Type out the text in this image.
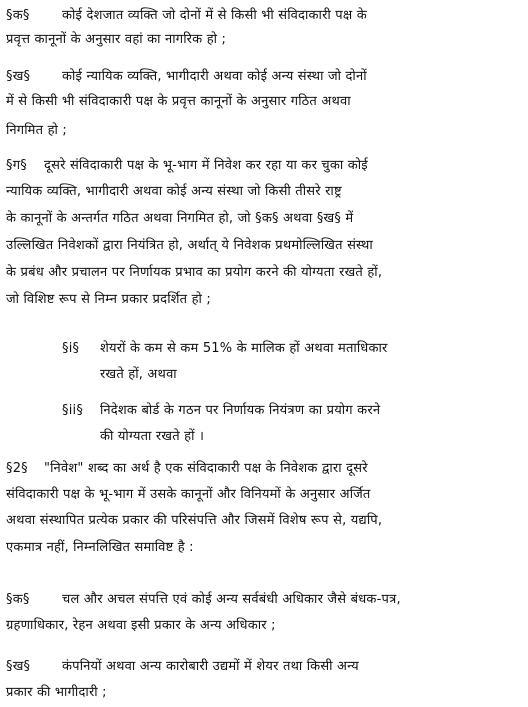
§क§ कोई देशजात व्यक्ति जो दोनों में से किसी भी संविदाकारी पक्ष के
प्रवृत्त कानूनों के अनुसार वहां का नागरिक हो ;
§ख§ कोई न्यायिक व्यक्ति, भागीदारी अथवा कोई अन्य संस्था जो दोनों
में से किसी भी संविदाकारी पक्ष के प्रवृत्त कानूनों के अनुसार गठित अथवा
निगमित हो ;
§ग§ दूसरे संविदाकारी पक्ष के भू-भाग में निवेश कर रहा या कर चुका कोई
न्यायिक व्यक्ति, भागीदारी अथवा कोई अन्य संस्था जो किसी तीसरे राष्ट्र
के कानूनों के अन्तर्गत गठित अथवा निगमित हो, जो §क§ अथवा §ख§ में
उल्लिखित निवेशकों द्वारा नियंत्रित हो, अर्थात् ये निवेशक प्रथमोल्लिखित संस्था
के प्रबंध और प्रचालन पर निर्णायक प्रभाव का प्रयोग करने की योग्यता रखते हों,
जो विशिष्ट रूप से निम्न प्रकार प्रदर्शित हो ;
§i§ शेयरों के कम से कम 51% के मालिक हों अथवा मताधिकार
रखते हों, अथवा
§ii§ निदेशक बोर्ड के गठन पर निर्णायक नियंत्रण का प्रयोग करने
की योग्यता रखते हों ।
§2§ "निवेश" शब्द का अर्थ है एक संविदाकारी पक्ष के निवेशक द्वारा दूसरे
संविदाकारी पक्ष के भू-भाग में उसके कानूनों और विनियमों के अनुसार अर्जित
अथवा संस्थापित प्रत्येक प्रकार की परिसंपत्ति और जिसमें विशेष रूप से, यद्यपि,
एकमात्र नहीं, निम्नलिखित समाविष्ट है :
§क§ चल और अचल संपत्ति एवं कोई अन्य सर्वबंधी अधिकार जैसे बंधक-पत्र,
ग्रहणाधिकार, रेहन अथवा इसी प्रकार के अन्य अधिकार ;
§ख§ कंपनियों अथवा अन्य कारोबारी उद्यमों में शेयर तथा किसी अन्य
प्रकार की भागीदारी ;
